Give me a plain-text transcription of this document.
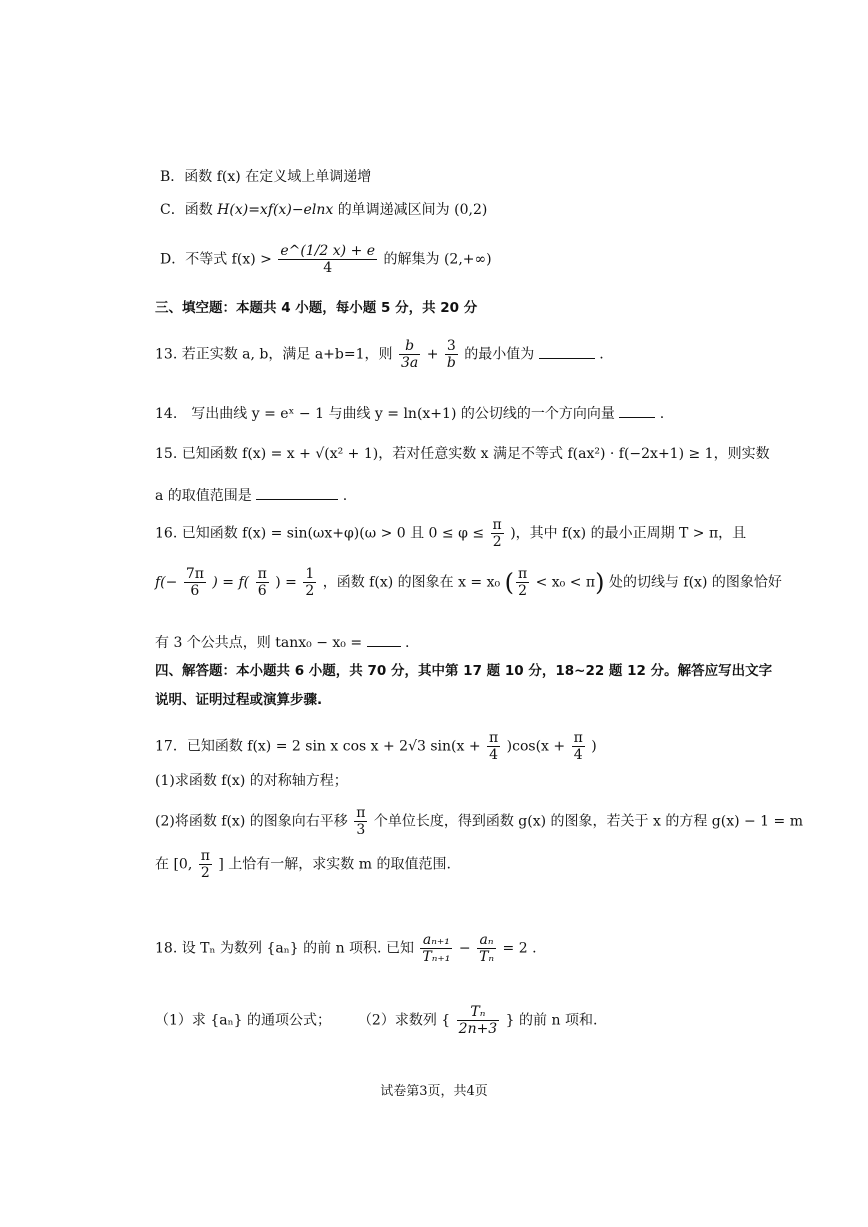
B．函数 f(x) 在定义域上单调递增
C．函数 H(x)=xf(x)−elnx 的单调递减区间为 (0,2)
D．不等式 $f(x) > \frac{e\^{}(1/2 x) + e}{4}$ 的解集为 (2,+∞)
三、填空题：本题共 4 小题，每小题 5 分，共 20 分
13. 若正实数 a, b，满足 a+b=1，则 $\frac{b}{3a} + \frac{3}{b}$ 的最小值为	.
14.　写出曲线 y = eˣ − 1 与曲线 y = ln(x+1) 的公切线的一个方向向量	.
15. 已知函数 f(x) = x + √(x² + 1)，若对任意实数 x 满足不等式 f(ax²) · f(−2x+1) ≥ 1，则实数
a 的取值范围是	.
16. 已知函数 f(x) = sin(ωx+φ)(ω > 0 且 $0 \le \varphi \le \frac{\pi}{2}$ )，其中 f(x) 的最小正周期 T > π，且
$f(- \frac{7\pi}{6}$ ) = $f( \frac{\pi}{6}$ ) = $\frac{1}{2}$ ，函数 f(x) 的图象在 x = x₀ ( $\frac{\pi}{2} < x_0 < \pi$) 处的切线与 f(x) 的图象恰好
有 3 个公共点，则 tanx₀ − x₀ =	.
四、解答题：本小题共 6 小题，共 70 分，其中第 17 题 10 分，18~22 题 12 分。解答应写出文字
说明、证明过程或演算步骤.
17．已知函数 f(x) = 2 sin x cos x + 2√3 $\sin(x + \frac{\pi}{4} )\cos(x + \frac{\pi}{4}$ )
(1)求函数 f(x) 的对称轴方程；
(2)将函数 f(x) 的图象向右平移 $\frac{\pi}{3}$ 个单位长度，得到函数 g(x) 的图象，若关于 x 的方程 g(x) − 1 = m
在 [0, $\frac{\pi}{2}$ ] 上恰有一解，求实数 m 的取值范围.
18. 设 Tₙ 为数列 {aₙ} 的前 n 项积. 已知 $\frac{\text{aₙ₊₁}}{\text{Tₙ₊₁}} - \frac{\text{aₙ}}{\text{Tₙ}} = 2$ .
（1）求 {aₙ} 的通项公式； （2）求数列 { $\frac{\text{Tₙ}}{2n+3}$ } 的前 n 项和.
试卷第3页，共4页
